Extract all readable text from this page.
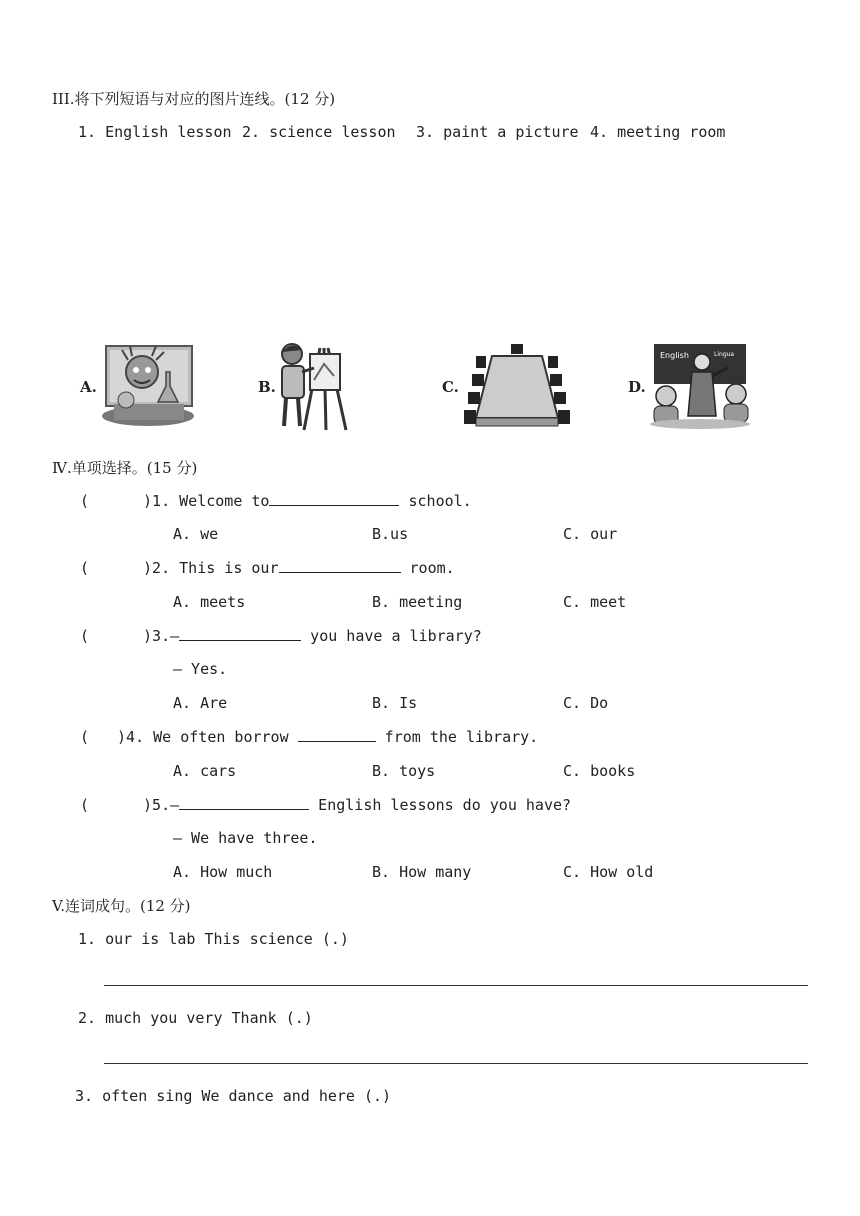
III.将下列短语与对应的图片连线。(12 分)
1. English lesson 2. science lesson 3. paint a picture 4. meeting room
A.	B.	C.	D.
English	Lingua
Ⅳ.单项选择。(15 分)
(	)1. Welcome to	school.
A. we	B.us	C. our
(	)2. This is our	room.
A. meets	B. meeting	C. meet
(	)3.—	you have a library?
— Yes.
A. Are	B. Is	C. Do
( )4. We often borrow	from the library.
A. cars	B. toys	C. books
(	)5.—	English lessons do you have?
— We have three.
A. How much	B. How many	C. How old
V.连词成句。(12 分)
1. our is lab This science (.)
2. much you very Thank (.)
3. often sing We dance and here (.)
